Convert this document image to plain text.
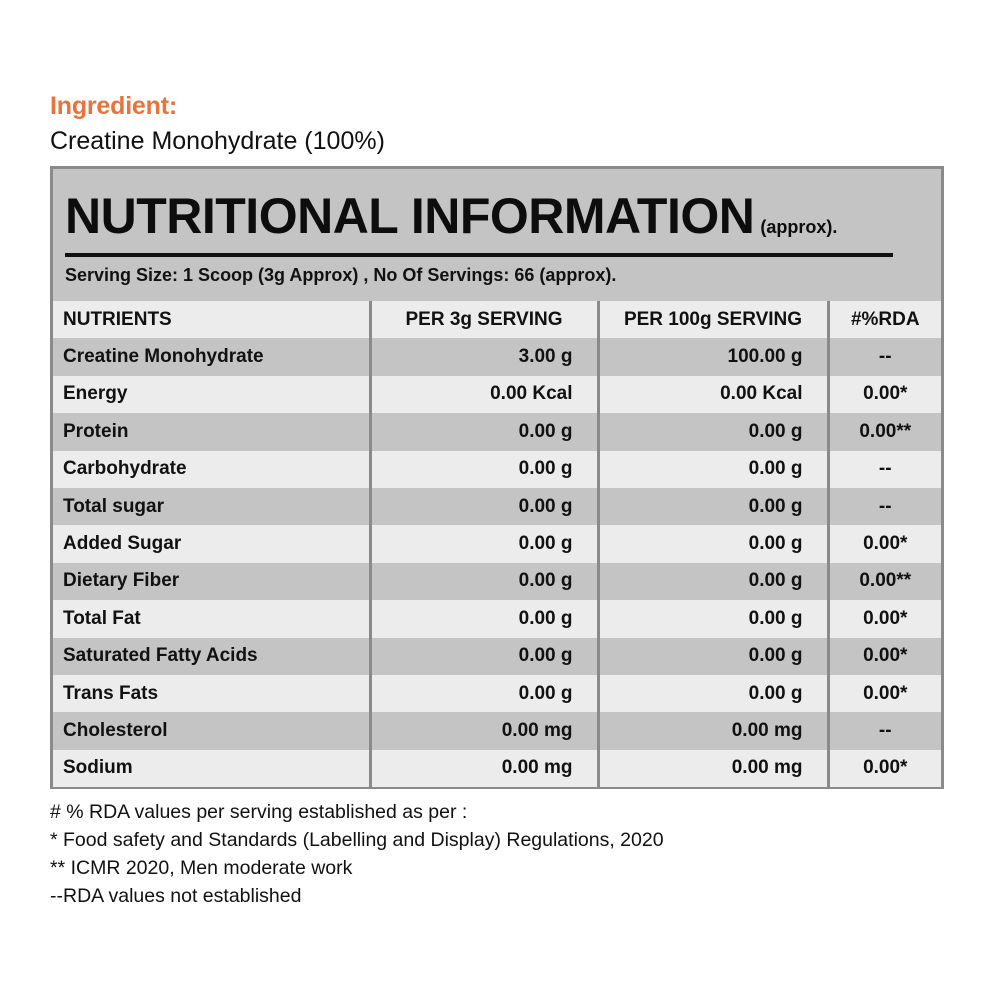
Ingredient:
Creatine Monohydrate (100%)
NUTRITIONAL INFORMATION (approx).
Serving Size: 1 Scoop (3g Approx) , No Of Servings: 66 (approx).
NUTRIENTS	PER 3g SERVING	PER 100g SERVING	#%RDA
Creatine Monohydrate	3.00 g	100.00 g	--
Energy	0.00 Kcal	0.00 Kcal	0.00*
Protein	0.00 g	0.00 g	0.00**
Carbohydrate	0.00 g	0.00 g	--
Total sugar	0.00 g	0.00 g	--
Added Sugar	0.00 g	0.00 g	0.00*
Dietary Fiber	0.00 g	0.00 g	0.00**
Total Fat	0.00 g	0.00 g	0.00*
Saturated Fatty Acids	0.00 g	0.00 g	0.00*
Trans Fats	0.00 g	0.00 g	0.00*
Cholesterol	0.00 mg	0.00 mg	--
Sodium	0.00 mg	0.00 mg	0.00*
# % RDA values per serving established as per :
* Food safety and Standards (Labelling and Display) Regulations, 2020
** ICMR 2020, Men moderate work
--RDA values not established
